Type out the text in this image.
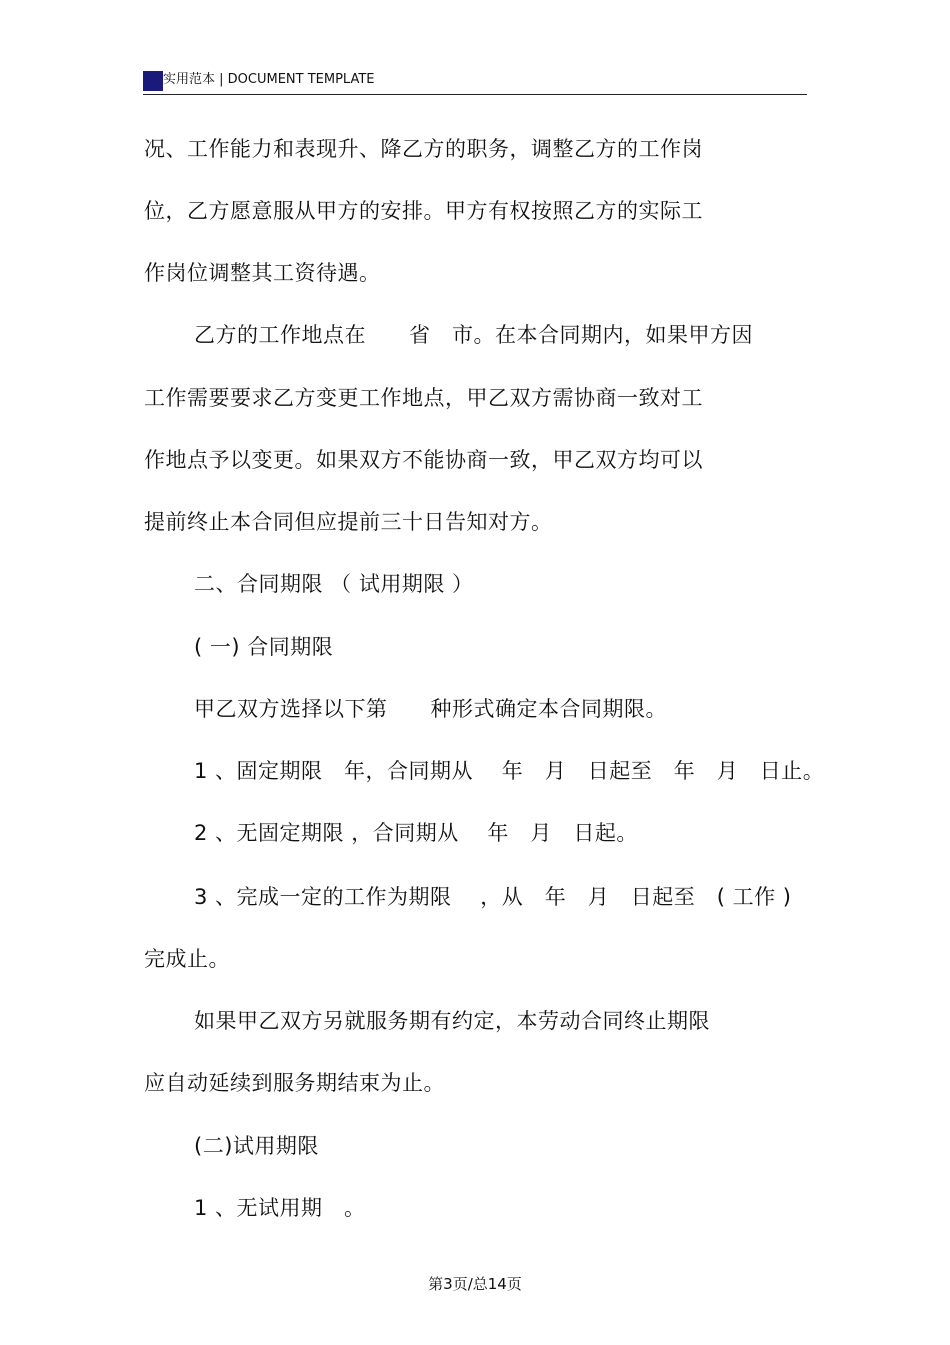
实用范本 | DOCUMENT TEMPLATE
况、工作能力和表现升、降乙方的职务，调整乙方的工作岗
位，乙方愿意服从甲方的安排。甲方有权按照乙方的实际工
作岗位调整其工资待遇。
乙方的工作地点在　　省　市。在本合同期内，如果甲方因
工作需要要求乙方变更工作地点，甲乙双方需协商一致对工
作地点予以变更。如果双方不能协商一致，甲乙双方均可以
提前终止本合同但应提前三十日告知对方。
二、合同期限 （ 试用期限 ）
( 一) 合同期限
甲乙双方选择以下第　　种形式确定本合同期限。
1 、固定期限　年，合同期从　 年　月　日起至　年　月　日止。
2 、无固定期限 ，合同期从　 年　月　日起。
3 、完成一定的工作为期限　 ，从　年　月　日起至　( 工作 )
完成止。
如果甲乙双方另就服务期有约定，本劳动合同终止期限
应自动延续到服务期结束为止。
(二)试用期限
1 、无试用期　。
第3页/总14页
